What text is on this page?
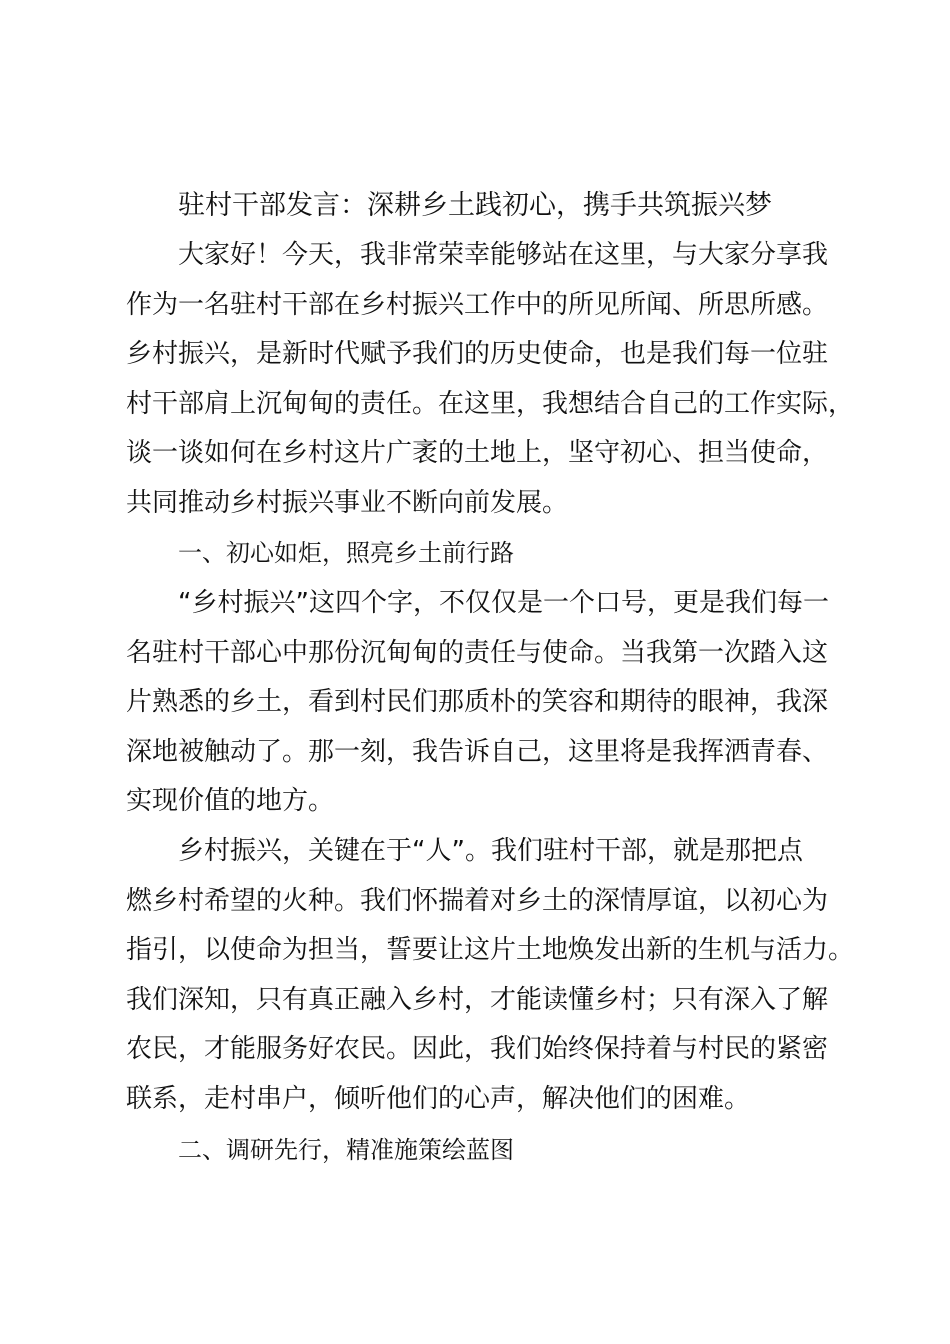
驻村干部发言：深耕乡土践初心，携手共筑振兴梦
大家好！今天，我非常荣幸能够站在这里，与大家分享我
作为一名驻村干部在乡村振兴工作中的所见所闻、所思所感。
乡村振兴，是新时代赋予我们的历史使命，也是我们每一位驻
村干部肩上沉甸甸的责任。在这里，我想结合自己的工作实际，
谈一谈如何在乡村这片广袤的土地上，坚守初心、担当使命，
共同推动乡村振兴事业不断向前发展。
一、初心如炬，照亮乡土前行路
“乡村振兴”这四个字，不仅仅是一个口号，更是我们每一
名驻村干部心中那份沉甸甸的责任与使命。当我第一次踏入这
片熟悉的乡土，看到村民们那质朴的笑容和期待的眼神，我深
深地被触动了。那一刻，我告诉自己，这里将是我挥洒青春、
实现价值的地方。
乡村振兴，关键在于“人”。我们驻村干部，就是那把点
燃乡村希望的火种。我们怀揣着对乡土的深情厚谊，以初心为
指引，以使命为担当，誓要让这片土地焕发出新的生机与活力。
我们深知，只有真正融入乡村，才能读懂乡村；只有深入了解
农民，才能服务好农民。因此，我们始终保持着与村民的紧密
联系，走村串户，倾听他们的心声，解决他们的困难。
二、调研先行，精准施策绘蓝图
